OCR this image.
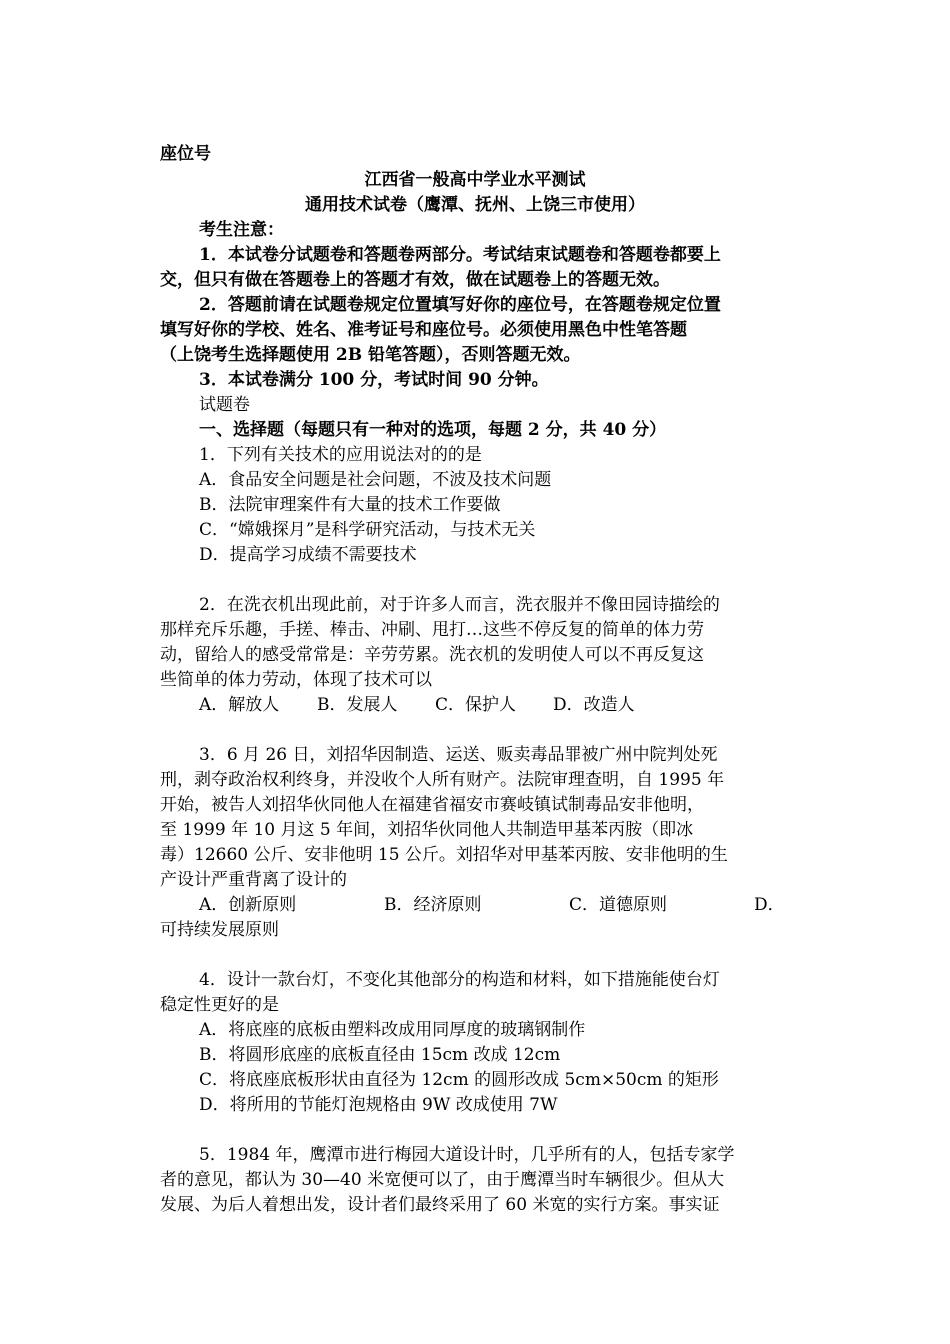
座位号
江西省一般高中学业水平测试
通用技术试卷（鹰潭、抚州、上饶三市使用）
考生注意：
1．本试卷分试题卷和答题卷两部分。考试结束试题卷和答题卷都要上
交，但只有做在答题卷上的答题才有效，做在试题卷上的答题无效。
2．答题前请在试题卷规定位置填写好你的座位号，在答题卷规定位置
填写好你的学校、姓名、准考证号和座位号。必须使用黑色中性笔答题
（上饶考生选择题使用 2B 铅笔答题），否则答题无效。
3．本试卷满分 100 分，考试时间 90 分钟。
试题卷
一、选择题（每题只有一种对的选项，每题 2 分，共 40 分）
1．下列有关技术的应用说法对的的是
A．食品安全问题是社会问题，不波及技术问题
B．法院审理案件有大量的技术工作要做
C．“嫦娥探月”是科学研究活动，与技术无关
D．提高学习成绩不需要技术
2．在洗衣机出现此前，对于许多人而言，洗衣服并不像田园诗描绘的
那样充斥乐趣，手搓、棒击、冲刷、甩打…这些不停反复的简单的体力劳
动，留给人的感受常常是：辛劳劳累。洗衣机的发明使人可以不再反复这
些简单的体力劳动，体现了技术可以
A．解放人 B．发展人 C．保护人 D．改造人
3．6 月 26 日，刘招华因制造、运送、贩卖毒品罪被广州中院判处死
刑，剥夺政治权利终身，并没收个人所有财产。法院审理查明，自 1995 年
开始，被告人刘招华伙同他人在福建省福安市赛岐镇试制毒品安非他明，
至 1999 年 10 月这 5 年间，刘招华伙同他人共制造甲基苯丙胺（即冰
毒）12660 公斤、安非他明 15 公斤。刘招华对甲基苯丙胺、安非他明的生
产设计严重背离了设计的
A．创新原则	B．经济原则	C．道德原则	D．
可持续发展原则
4．设计一款台灯，不变化其他部分的构造和材料，如下措施能使台灯
稳定性更好的是
A．将底座的底板由塑料改成用同厚度的玻璃钢制作
B．将圆形底座的底板直径由 15cm 改成 12cm
C．将底座底板形状由直径为 12cm 的圆形改成 5cm×50cm 的矩形
D．将所用的节能灯泡规格由 9W 改成使用 7W
5．1984 年，鹰潭市进行梅园大道设计时，几乎所有的人，包括专家学
者的意见，都认为 30—40 米宽便可以了，由于鹰潭当时车辆很少。但从大
发展、为后人着想出发，设计者们最终采用了 60 米宽的实行方案。事实证
